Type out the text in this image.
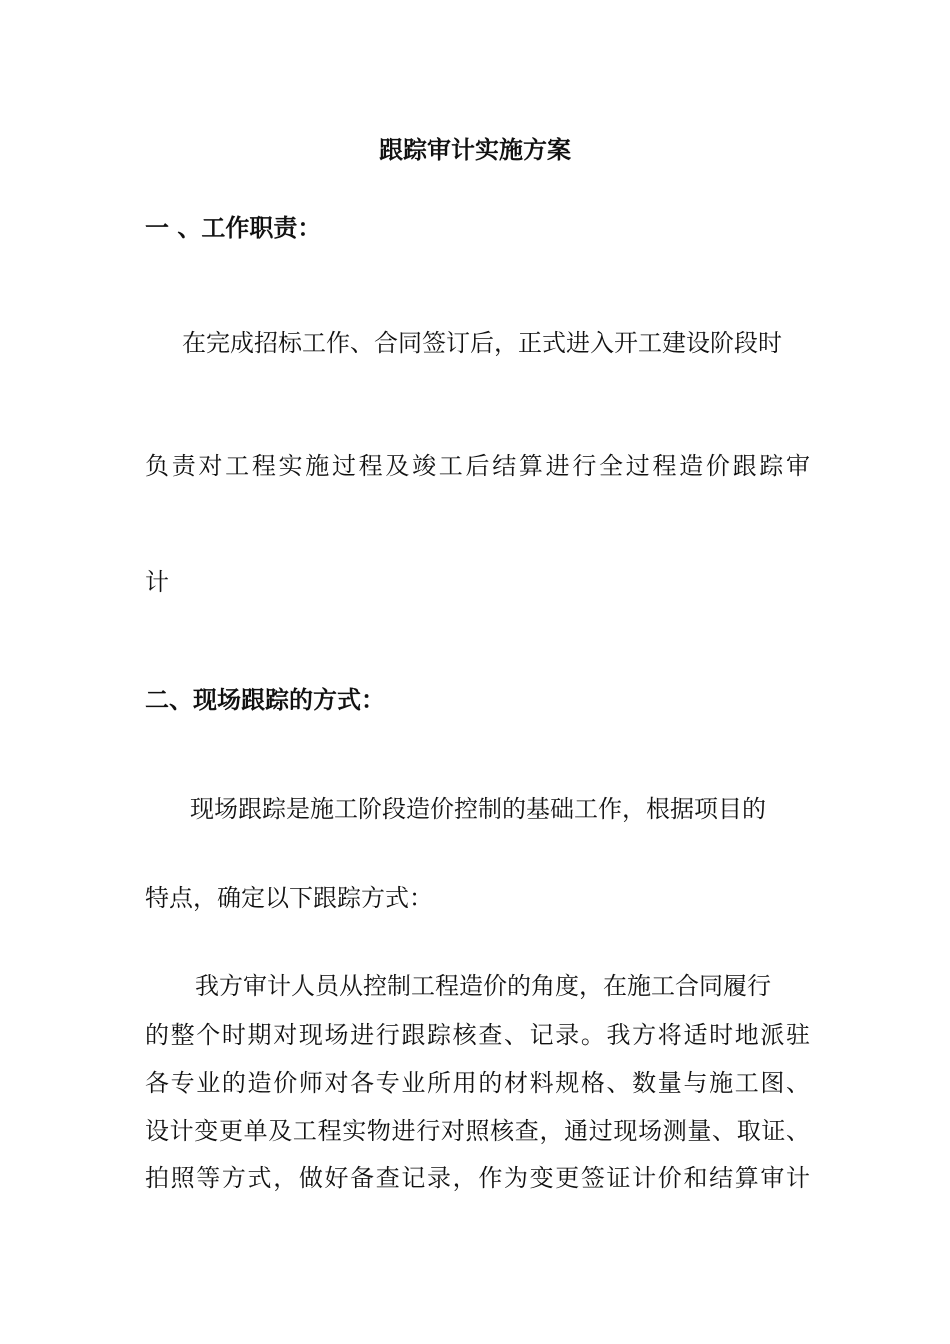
跟踪审计实施方案
一 、工作职责：
在完成招标工作、合同签订后，正式进入开工建设阶段时
负责对工程实施过程及竣工后结算进行全过程造价跟踪审
计
二、现场跟踪的方式：
现场跟踪是施工阶段造价控制的基础工作，根据项目的
特点，确定以下跟踪方式：
我方审计人员从控制工程造价的角度，在施工合同履行
的整个时期对现场进行跟踪核查、记录。我方将适时地派驻
各专业的造价师对各专业所用的材料规格、数量与施工图、
设计变更单及工程实物进行对照核查，通过现场测量、取证、
拍照等方式，做好备查记录，作为变更签证计价和结算审计
